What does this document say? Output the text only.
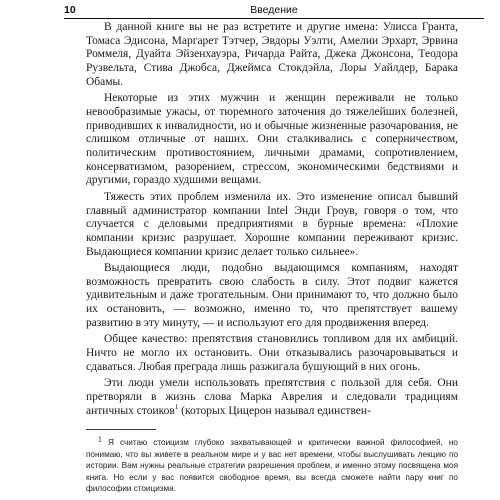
10	Введение

В данной книге вы не раз встретите и другие имена: Улисса Гранта, Томаса Эдисона, Маргарет Тэтчер, Эвдоры Уэлти, Амелии Эрхарт, Эрвина Роммеля, Дуайта Эйзенхауэра, Ричарда Райта, Джека Джонсона, Теодора Рузвельта, Стива Джобса, Джеймса Стокдэйла, Лоры Уайлдер, Барака Обамы.

Некоторые из этих мужчин и женщин переживали не только невообразимые ужасы, от тюремного заточения до тяжелейших болезней, приводивших к инвалидности, но и обычные жизненные разочарования, не слишком отличные от наших. Они сталкивались с соперничеством, политическим противостоянием, личными драмами, сопротивлением, консерватизмом, разорением, стрессом, экономическими бедствиями и другими, гораздо худшими вещами.

Тяжесть этих проблем изменила их. Это изменение описал бывший главный администратор компании Intel Энди Гроув, говоря о том, что случается с деловыми предприятиями в бурные времена: «Плохие компании кризис разрушает. Хорошие компании переживают кризис. Выдающиеся компании кризис делает только сильнее».

Выдающиеся люди, подобно выдающимся компаниям, находят возможность превратить свою слабость в силу. Этот подвиг кажется удивительным и даже трогательным. Они принимают то, что должно было их остановить, — возможно, именно то, что препятствует вашему развитию в эту минуту, — и используют его для продвижения вперед.

Общее качество: препятствия становились топливом для их амбиций. Ничто не могло их остановить. Они отказывались разочаровываться и сдаваться. Любая преграда лишь разжигала бушующий в них огонь.

Эти люди умели использовать препятствия с пользой для себя. Они претворяли в жизнь слова Марка Аврелия и следовали традициям античных стоиков$^1$ (которых Цицерон называл единствен-

$^1$ Я считаю стоицизм глубоко захватывающей и критически важной философией, но понимаю, что вы живете в реальном мире и у вас нет времени, чтобы выслушивать лекцию по истории. Вам нужны реальные стратегии разрешения проблем, и именно этому посвящена моя книга. Но если у вас появится свободное время, вы всегда сможете найти пару книг по философии стоицизма.
